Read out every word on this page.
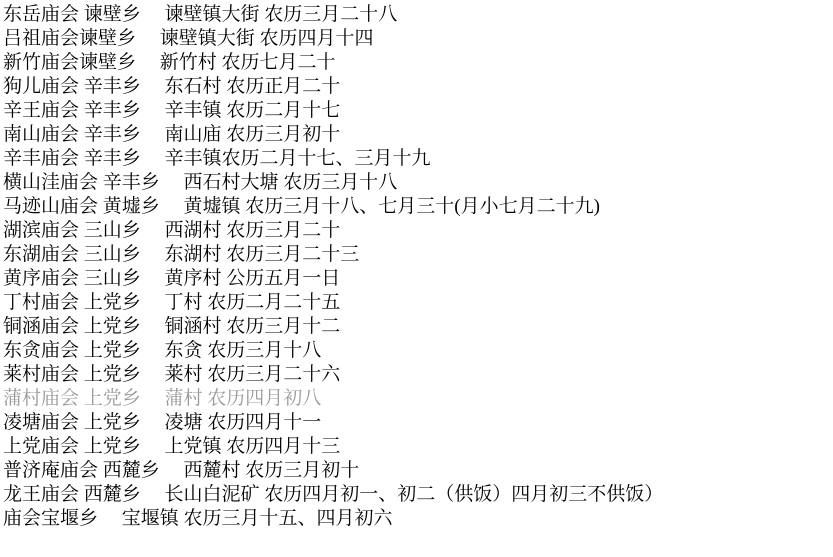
东岳庙会 谏壁乡　 谏壁镇大街 农历三月二十八
吕祖庙会谏壁乡　 谏壁镇大街 农历四月十四
新竹庙会谏壁乡　 新竹村 农历七月二十
狗儿庙会 辛丰乡　 东石村 农历正月二十
辛王庙会 辛丰乡　 辛丰镇 农历二月十七
南山庙会 辛丰乡　 南山庙 农历三月初十
辛丰庙会 辛丰乡　 辛丰镇农历二月十七、三月十九
横山洼庙会 辛丰乡　 西石村大塘 农历三月十八
马迹山庙会 黄墟乡　 黄墟镇 农历三月十八、七月三十(月小七月二十九)
湖滨庙会 三山乡　 西湖村 农历三月二十
东湖庙会 三山乡　 东湖村 农历三月二十三
黄序庙会 三山乡　 黄序村 公历五月一日
丁村庙会 上党乡　 丁村 农历二月二十五
铜涵庙会 上党乡　 铜涵村 农历三月十二
东贪庙会 上党乡　 东贪 农历三月十八
莱村庙会 上党乡　 莱村 农历三月二十六
蒲村庙会 上党乡　 蒲村 农历四月初八
凌塘庙会 上党乡　 凌塘 农历四月十一
上党庙会 上党乡　 上党镇 农历四月十三
普济庵庙会 西麓乡　 西麓村 农历三月初十
龙王庙会 西麓乡　 长山白泥矿 农历四月初一、初二（供饭）四月初三不供饭）
庙会宝堰乡　 宝堰镇 农历三月十五、四月初六
